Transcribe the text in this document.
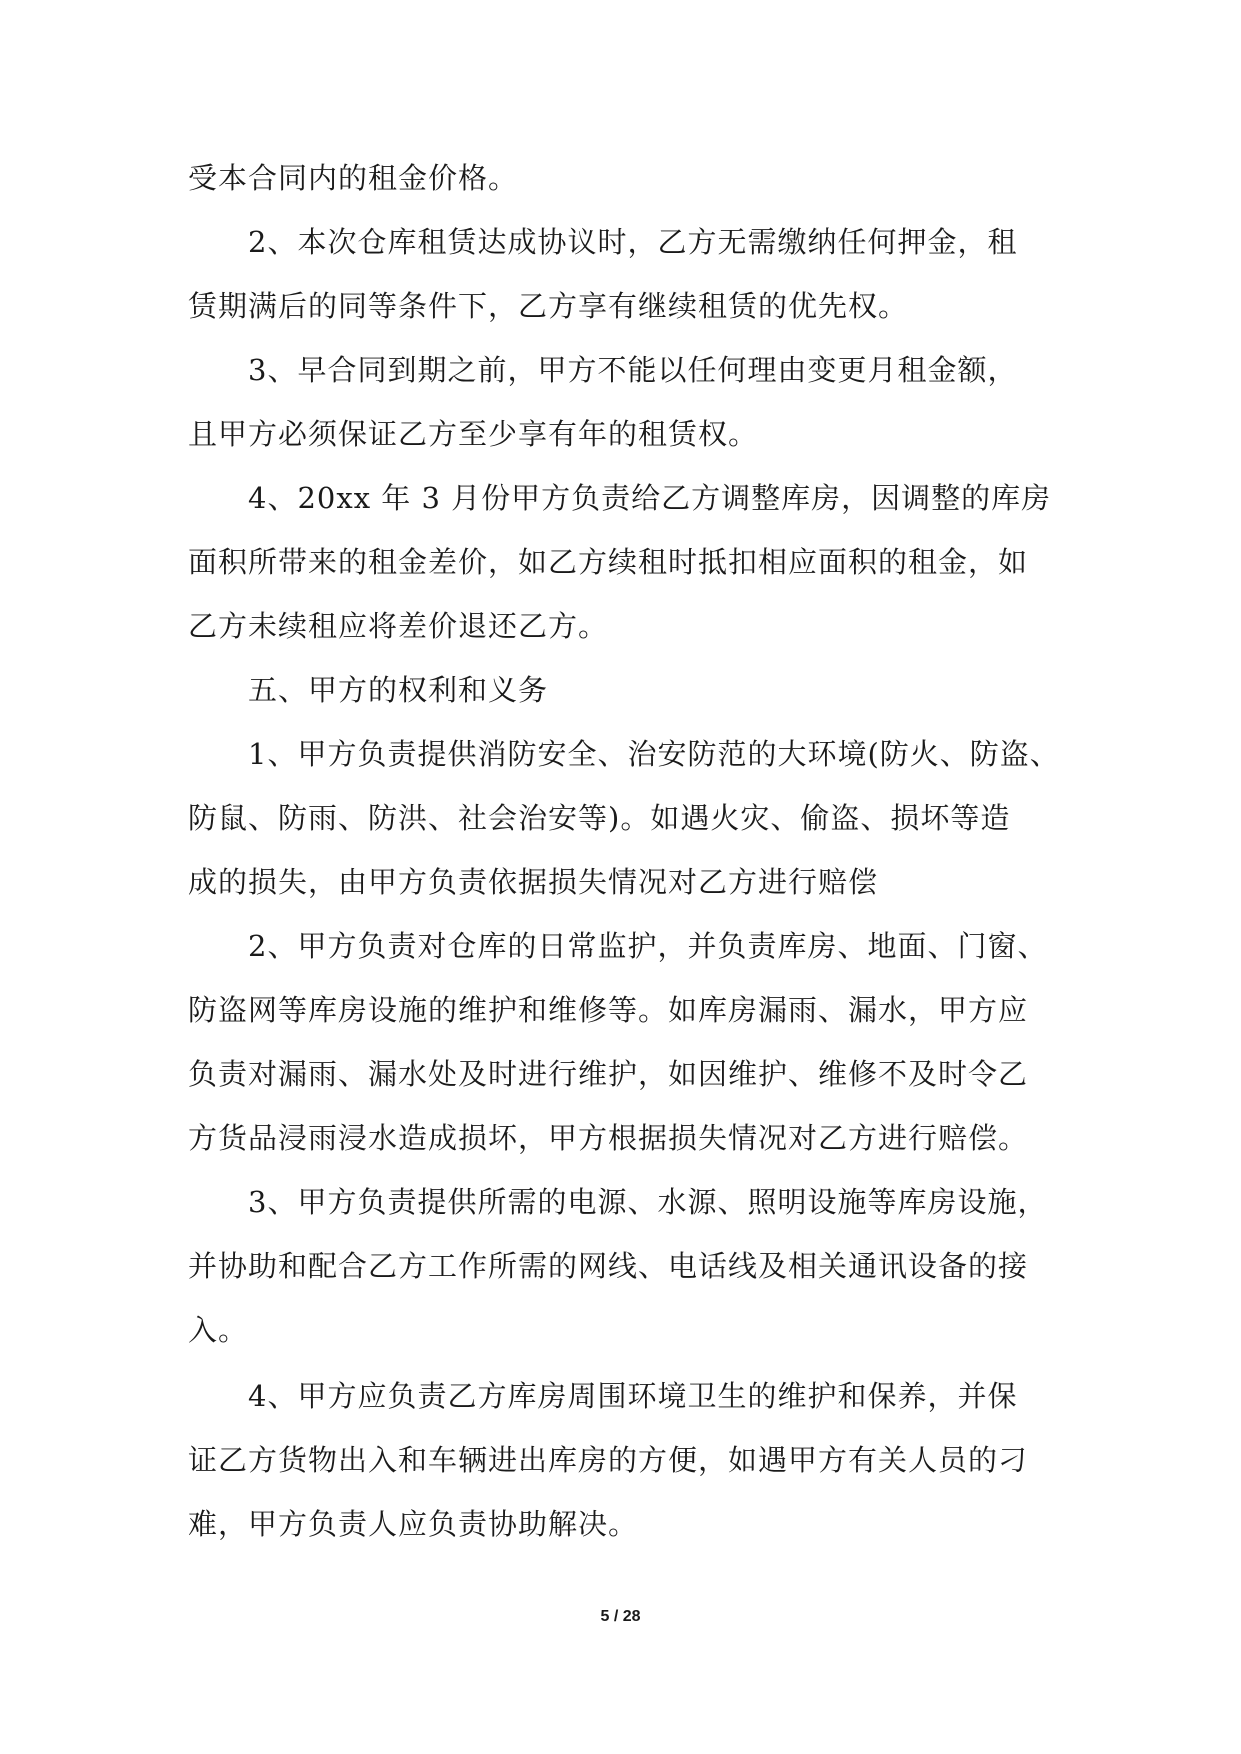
受本合同内的租金价格。
2、本次仓库租赁达成协议时，乙方无需缴纳任何押金，租
赁期满后的同等条件下，乙方享有继续租赁的优先权。
3、早合同到期之前，甲方不能以任何理由变更月租金额，
且甲方必须保证乙方至少享有年的租赁权。
4、20xx 年 3 月份甲方负责给乙方调整库房，因调整的库房
面积所带来的租金差价，如乙方续租时抵扣相应面积的租金，如
乙方未续租应将差价退还乙方。
五、甲方的权利和义务
1、甲方负责提供消防安全、治安防范的大环境(防火、防盗、
防鼠、防雨、防洪、社会治安等)。如遇火灾、偷盗、损坏等造
成的损失，由甲方负责依据损失情况对乙方进行赔偿
2、甲方负责对仓库的日常监护，并负责库房、地面、门窗、
防盗网等库房设施的维护和维修等。如库房漏雨、漏水，甲方应
负责对漏雨、漏水处及时进行维护，如因维护、维修不及时令乙
方货品浸雨浸水造成损坏，甲方根据损失情况对乙方进行赔偿。
3、甲方负责提供所需的电源、水源、照明设施等库房设施，
并协助和配合乙方工作所需的网线、电话线及相关通讯设备的接
入。
4、甲方应负责乙方库房周围环境卫生的维护和保养，并保
证乙方货物出入和车辆进出库房的方便，如遇甲方有关人员的刁
难，甲方负责人应负责协助解决。
5 / 28
